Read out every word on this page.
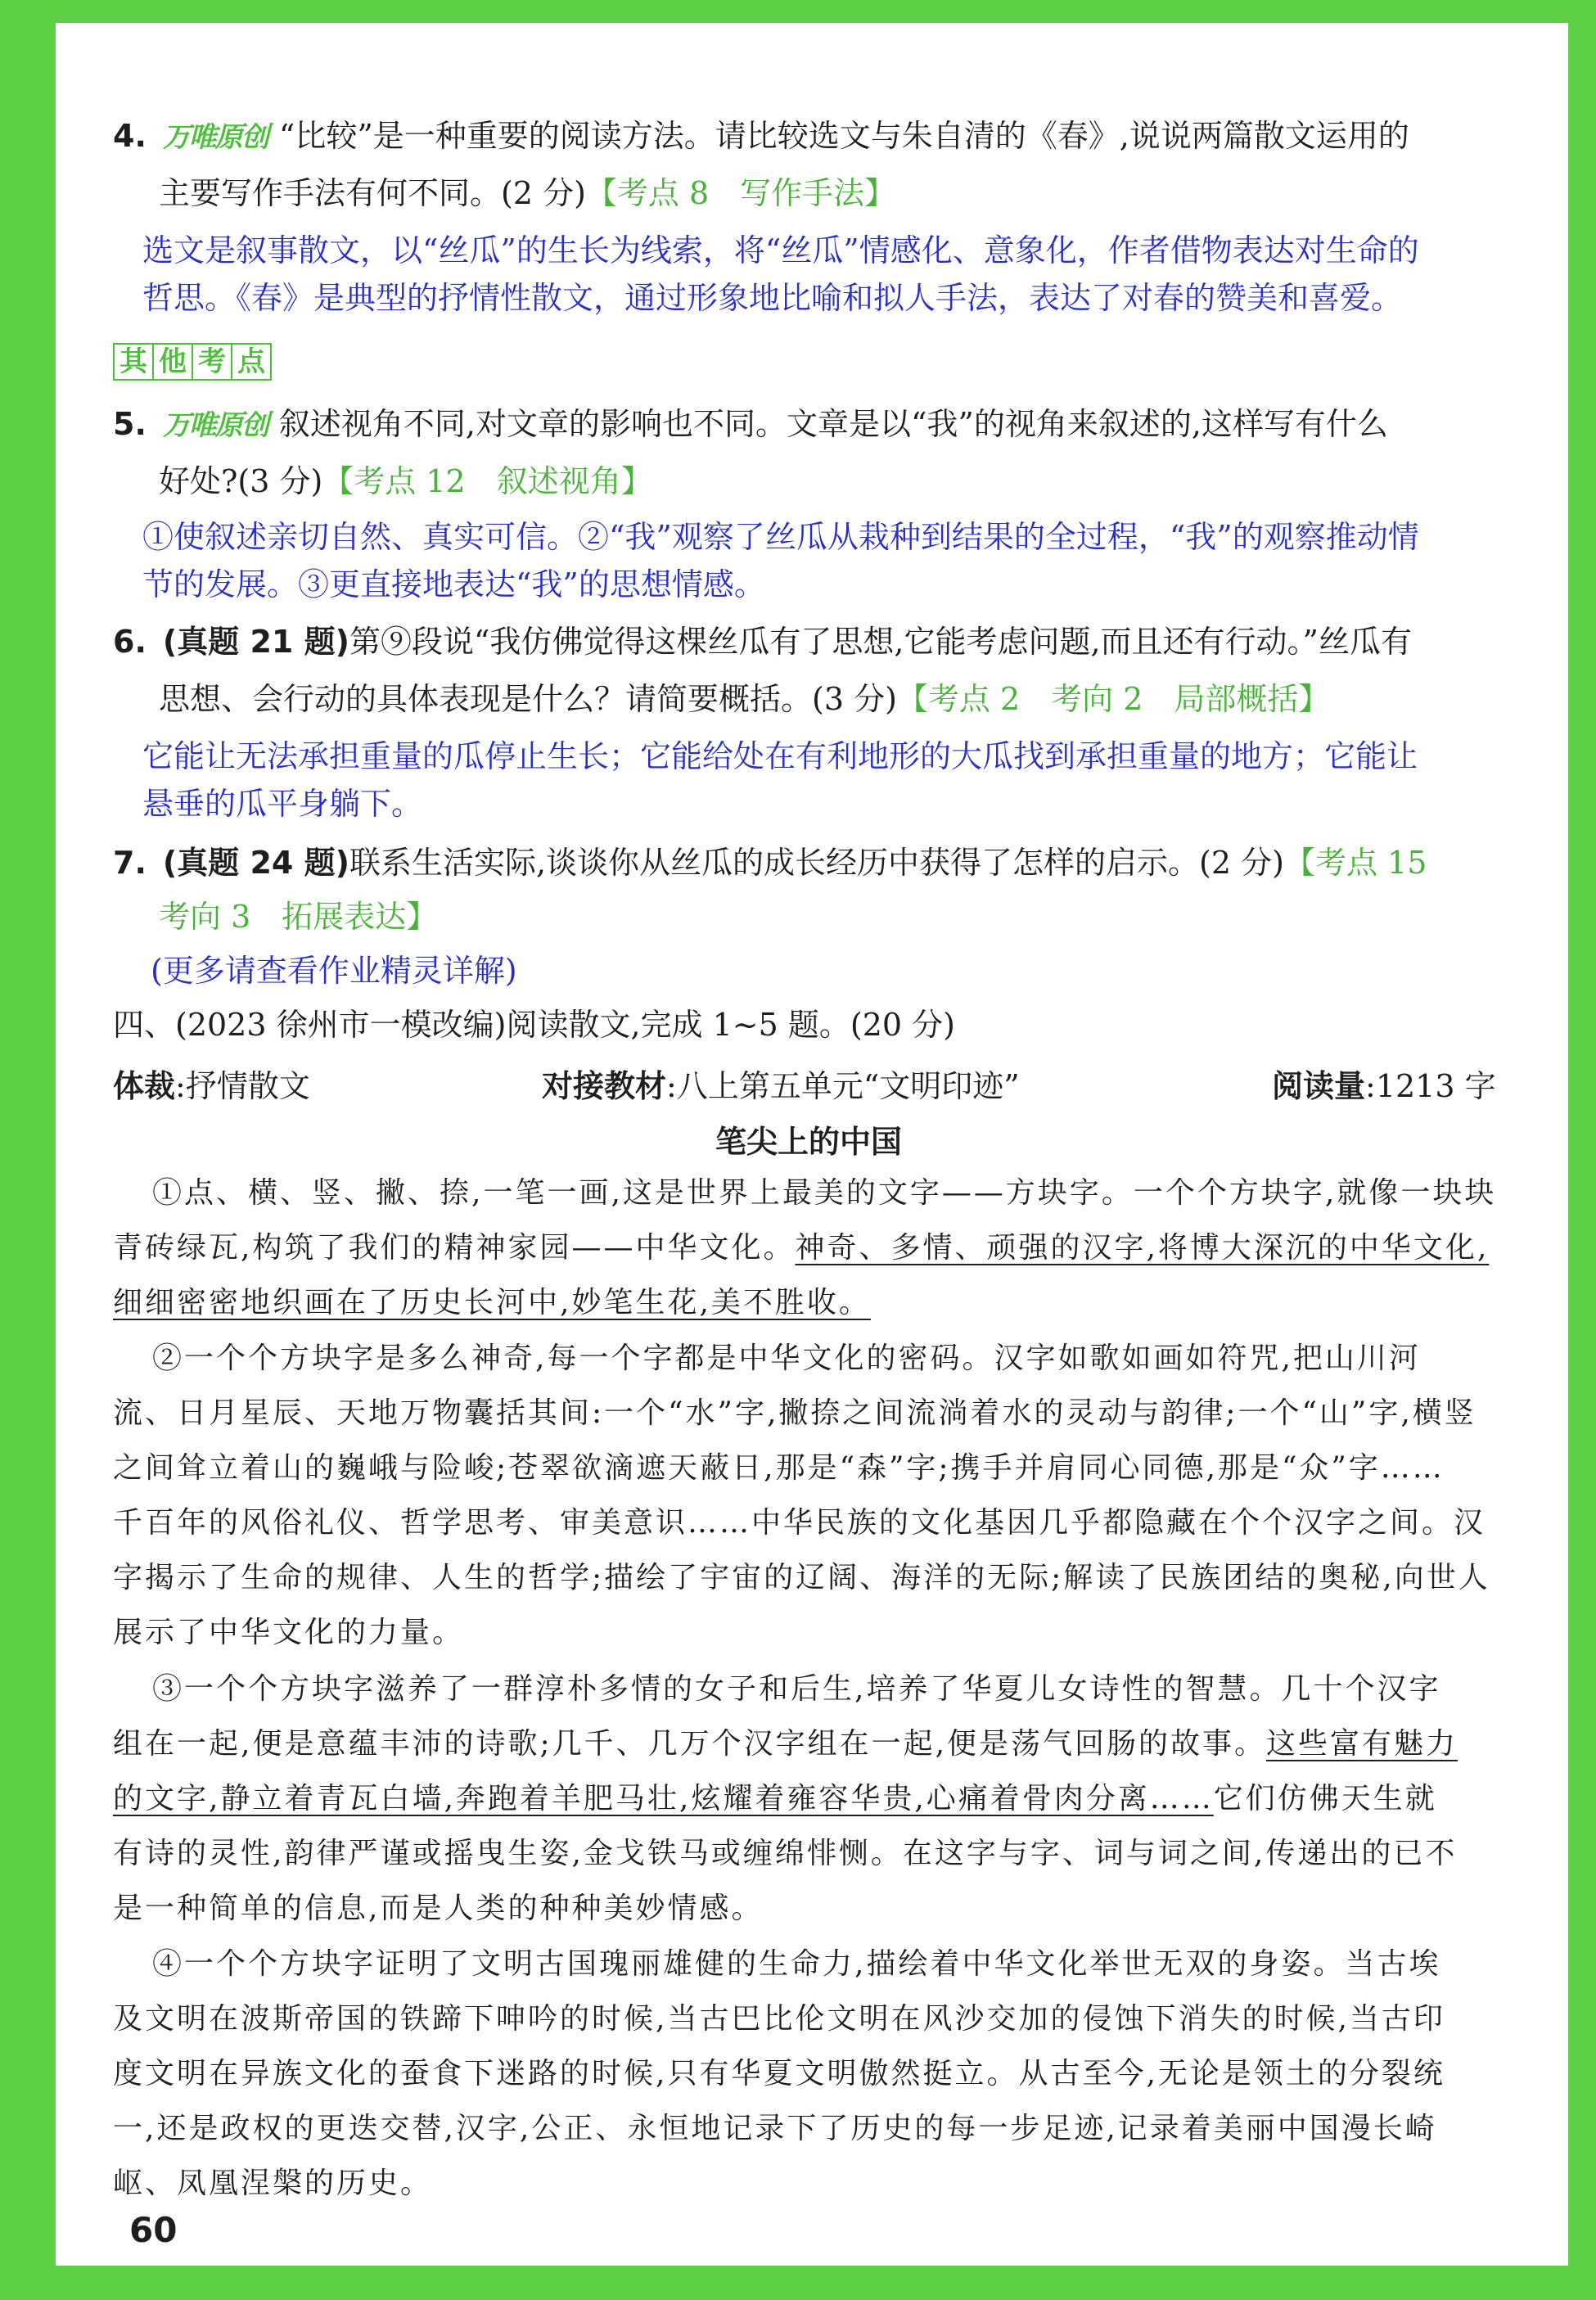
4. 万唯原创 “比较”是一种重要的阅读方法。请比较选文与朱自清的《春》,说说两篇散文运用的
主要写作手法有何不同。(2 分)【考点 8　写作手法】
选文是叙事散文，以“丝瓜”的生长为线索，将“丝瓜”情感化、意象化，作者借物表达对生命的
哲思。《春》是典型的抒情性散文，通过形象地比喻和拟人手法，表达了对春的赞美和喜爱。
其 他 考 点
5. 万唯原创 叙述视角不同,对文章的影响也不同。文章是以“我”的视角来叙述的,这样写有什么
好处?(3 分)【考点 12　叙述视角】
①使叙述亲切自然、真实可信。②“我”观察了丝瓜从栽种到结果的全过程，“我”的观察推动情
节的发展。③更直接地表达“我”的思想情感。
6. (真题 21 题)第⑨段说“我仿佛觉得这棵丝瓜有了思想,它能考虑问题,而且还有行动。”丝瓜有
思想、会行动的具体表现是什么？请简要概括。(3 分)【考点 2　考向 2　局部概括】
它能让无法承担重量的瓜停止生长；它能给处在有利地形的大瓜找到承担重量的地方；它能让
悬垂的瓜平身躺下。
7. (真题 24 题)联系生活实际,谈谈你从丝瓜的成长经历中获得了怎样的启示。(2 分)【考点 15
考向 3　拓展表达】
(更多请查看作业精灵详解)
四、(2023 徐州市一模改编)阅读散文,完成 1~5 题。(20 分)
体裁:抒情散文	对接教材:八上第五单元“文明印迹”	阅读量:1213 字
笔尖上的中国
①点、横、竖、撇、捺,一笔一画,这是世界上最美的文字——方块字。一个个方块字,就像一块块
青砖绿瓦,构筑了我们的精神家园——中华文化。神奇、多情、顽强的汉字,将博大深沉的中华文化,
细细密密地织画在了历史长河中,妙笔生花,美不胜收。
②一个个方块字是多么神奇,每一个字都是中华文化的密码。汉字如歌如画如符咒,把山川河
流、日月星辰、天地万物囊括其间:一个“水”字,撇捺之间流淌着水的灵动与韵律;一个“山”字,横竖
之间耸立着山的巍峨与险峻;苍翠欲滴遮天蔽日,那是“森”字;携手并肩同心同德,那是“众”字……
千百年的风俗礼仪、哲学思考、审美意识……中华民族的文化基因几乎都隐藏在个个汉字之间。汉
字揭示了生命的规律、人生的哲学;描绘了宇宙的辽阔、海洋的无际;解读了民族团结的奥秘,向世人
展示了中华文化的力量。
③一个个方块字滋养了一群淳朴多情的女子和后生,培养了华夏儿女诗性的智慧。几十个汉字
组在一起,便是意蕴丰沛的诗歌;几千、几万个汉字组在一起,便是荡气回肠的故事。这些富有魅力
的文字,静立着青瓦白墙,奔跑着羊肥马壮,炫耀着雍容华贵,心痛着骨肉分离……它们仿佛天生就
有诗的灵性,韵律严谨或摇曳生姿,金戈铁马或缠绵悱恻。在这字与字、词与词之间,传递出的已不
是一种简单的信息,而是人类的种种美妙情感。
④一个个方块字证明了文明古国瑰丽雄健的生命力,描绘着中华文化举世无双的身姿。当古埃
及文明在波斯帝国的铁蹄下呻吟的时候,当古巴比伦文明在风沙交加的侵蚀下消失的时候,当古印
度文明在异族文化的蚕食下迷路的时候,只有华夏文明傲然挺立。从古至今,无论是领土的分裂统
一,还是政权的更迭交替,汉字,公正、永恒地记录下了历史的每一步足迹,记录着美丽中国漫长崎
岖、凤凰涅槃的历史。
60
